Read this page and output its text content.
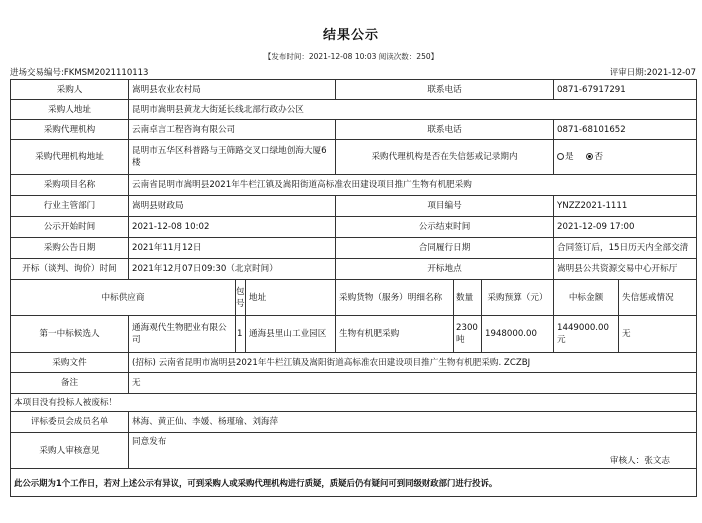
结果公示
【发布时间：2021-12-08 10:03 阅读次数：250】
进场交易编号:FKMSM2021110113	评审日期:2021-12-07
采购人	嵩明县农业农村局			联系电话			0871-67917291	
采购人地址	昆明市嵩明县黄龙大街延长线北部行政办公区							
采购代理机构	云南卓言工程咨询有限公司			联系电话			0871-68101652	
采购代理机构地址	昆明市五华区科普路与王筛路交叉口绿地创海大厦6楼			采购代理机构是否在失信惩戒记录期内			是 否	
采购项目名称	云南省昆明市嵩明县2021年牛栏江镇及嵩阳街道高标准农田建设项目推广生物有机肥采购							
行业主管部门	嵩明县财政局			项目编号			YNZZ2021-1111	
公示开始时间	2021-12-08 10:02			公示结束时间			2021-12-09 17:00	
采购公告日期	2021年11月12日			合同履行日期			合同签订后，15日历天内全部交清	
开标（谈判、询价）时间	2021年12月07日09:30（北京时间）			开标地点			嵩明县公共资源交易中心开标厅	
中标供应商		包号	地址	采购货物（服务）明细名称	数量	采购预算（元）	中标金额	失信惩戒情况
第一中标候选人	通海观代生物肥业有限公司	1	通海县里山工业园区	生物有机肥采购	2300吨	1948000.00	1449000.00元	无
采购文件	(招标) 云南省昆明市嵩明县2021年牛栏江镇及嵩阳街道高标准农田建设项目推广生物有机肥采购. ZCZBJ							
备注	无							
本项目没有投标人被废标！								
评标委员会成员名单	林海、黄正仙、李媛、杨瑾瑜、刘海萍							
采购人审核意见	同意发布
审核人：张文志							

此公示期为1个工作日，若对上述公示有异议，可到采购人或采购代理机构进行质疑，质疑后仍有疑问可到同级财政部门进行投诉。								
